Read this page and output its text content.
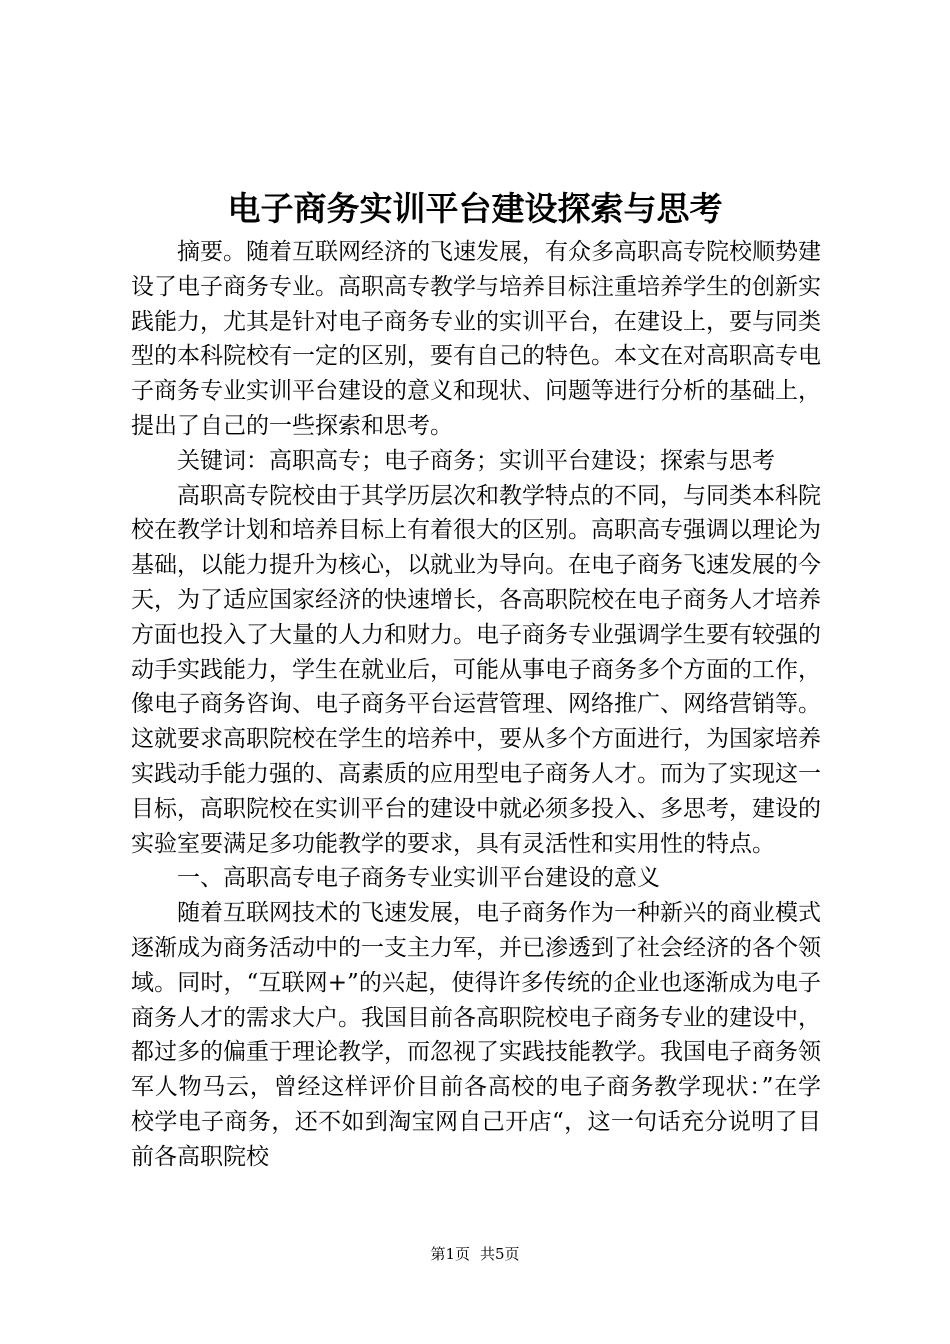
电子商务实训平台建设探索与思考

摘要。随着互联网经济的飞速发展，有众多高职高专院校顺势建设了电子商务专业。高职高专教学与培养目标注重培养学生的创新实践能力，尤其是针对电子商务专业的实训平台，在建设上，要与同类型的本科院校有一定的区别，要有自己的特色。本文在对高职高专电子商务专业实训平台建设的意义和现状、问题等进行分析的基础上，提出了自己的一些探索和思考。

关键词：高职高专；电子商务；实训平台建设；探索与思考

高职高专院校由于其学历层次和教学特点的不同，与同类本科院校在教学计划和培养目标上有着很大的区别。高职高专强调以理论为基础，以能力提升为核心，以就业为导向。在电子商务飞速发展的今天，为了适应国家经济的快速增长，各高职院校在电子商务人才培养方面也投入了大量的人力和财力。电子商务专业强调学生要有较强的动手实践能力，学生在就业后，可能从事电子商务多个方面的工作，像电子商务咨询、电子商务平台运营管理、网络推广、网络营销等。这就要求高职院校在学生的培养中，要从多个方面进行，为国家培养实践动手能力强的、高素质的应用型电子商务人才。而为了实现这一目标，高职院校在实训平台的建设中就必须多投入、多思考，建设的实验室要满足多功能教学的要求，具有灵活性和实用性的特点。

一、高职高专电子商务专业实训平台建设的意义

随着互联网技术的飞速发展，电子商务作为一种新兴的商业模式逐渐成为商务活动中的一支主力军，并已渗透到了社会经济的各个领域。同时，“互联网+”的兴起，使得许多传统的企业也逐渐成为电子商务人才的需求大户。我国目前各高职院校电子商务专业的建设中，都过多的偏重于理论教学，而忽视了实践技能教学。我国电子商务领军人物马云，曾经这样评价目前各高校的电子商务教学现状：”在学校学电子商务，还不如到淘宝网自己开店“，这一句话充分说明了目前各高职院校

第1页 共5页
